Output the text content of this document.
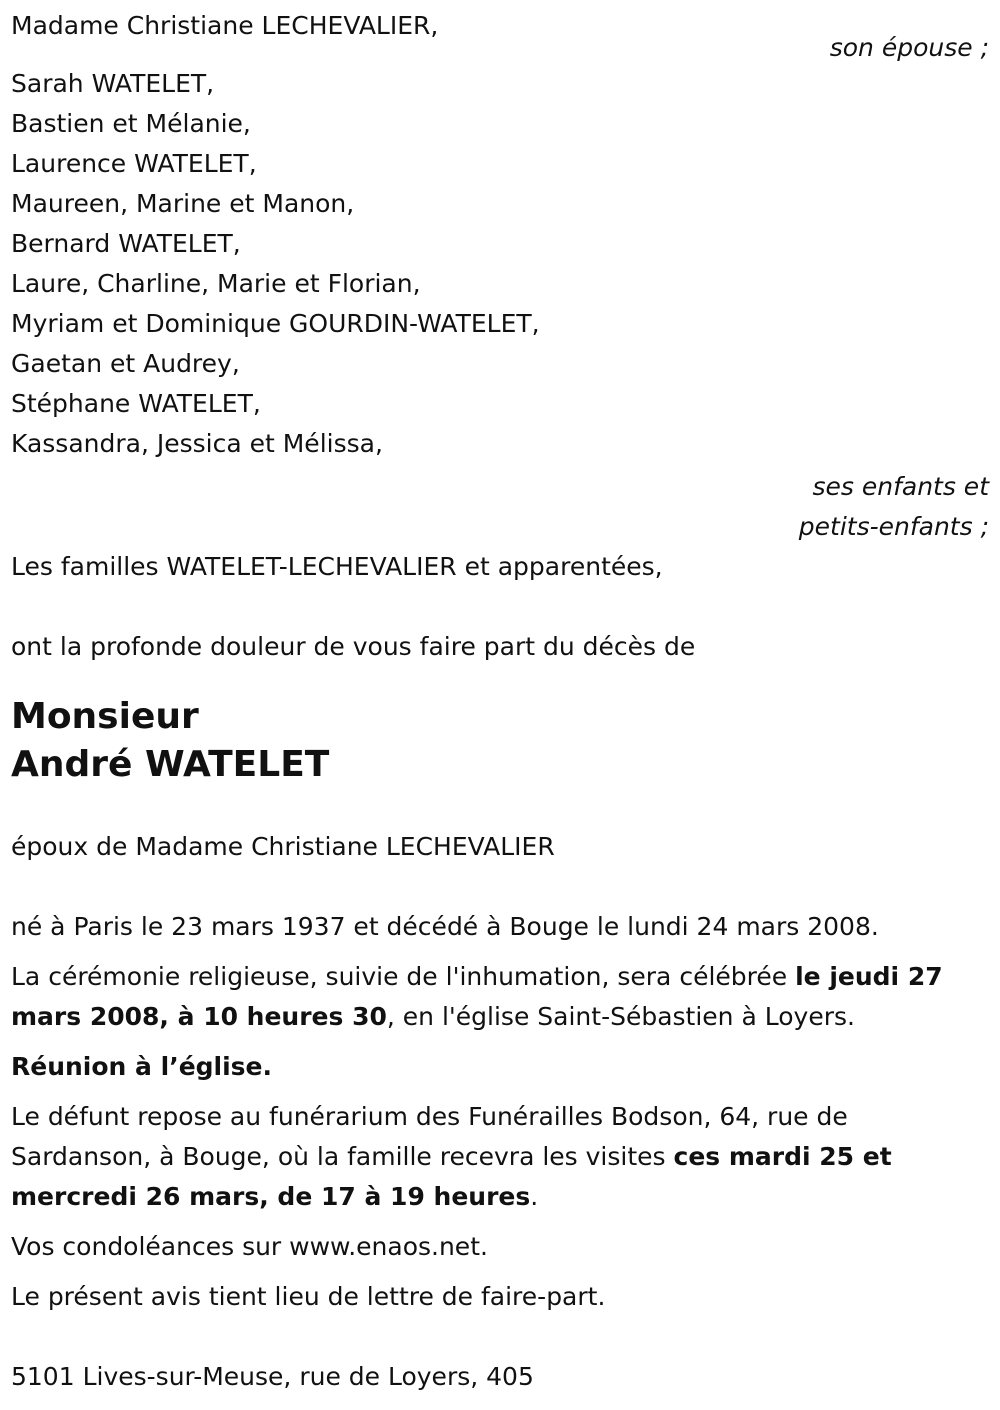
Madame Christiane LECHEVALIER,
son épouse ;
Sarah WATELET,
Bastien et Mélanie,
Laurence WATELET,
Maureen, Marine et Manon,
Bernard WATELET,
Laure, Charline, Marie et Florian,
Myriam et Dominique GOURDIN-WATELET,
Gaetan et Audrey,
Stéphane WATELET,
Kassandra, Jessica et Mélissa,
ses enfants et
petits-enfants ;
Les familles WATELET-LECHEVALIER et apparentées,
ont la profonde douleur de vous faire part du décès de
Monsieur
André WATELET
époux de Madame Christiane LECHEVALIER
né à Paris le 23 mars 1937 et décédé à Bouge le lundi 24 mars 2008.

La cérémonie religieuse, suivie de l'inhumation, sera célébrée le jeudi 27 mars 2008, à 10 heures 30, en l'église Saint-Sébastien à Loyers.

Réunion à l’église.

Le défunt repose au funérarium des Funérailles Bodson, 64, rue de Sardanson, à Bouge, où la famille recevra les visites ces mardi 25 et mercredi 26 mars, de 17 à 19 heures.

Vos condoléances sur www.enaos.net.
Le présent avis tient lieu de lettre de faire-part.
5101 Lives-sur-Meuse, rue de Loyers, 405
